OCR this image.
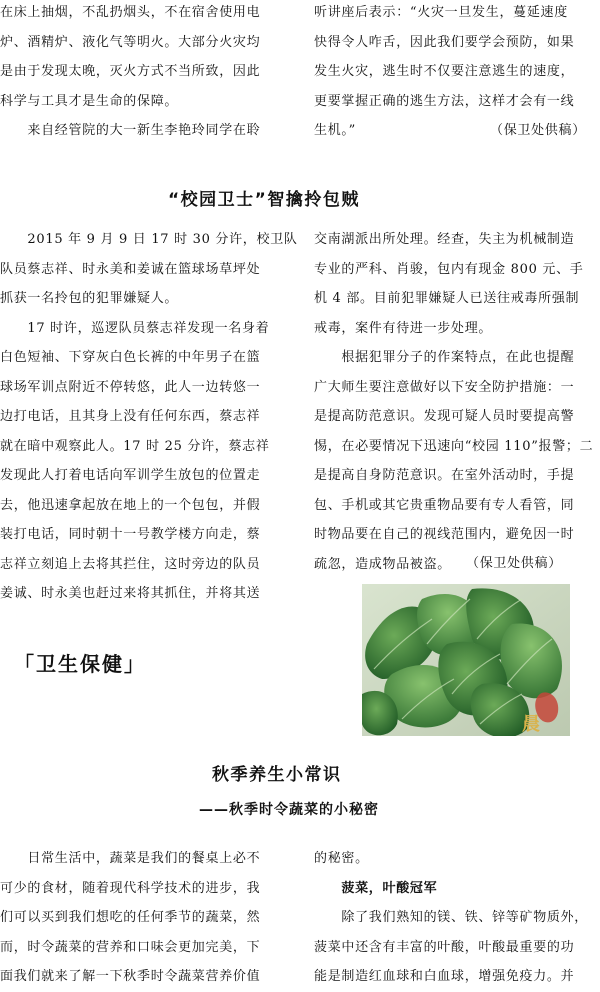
在床上抽烟，不乱扔烟头，不在宿舍使用电
炉、酒精炉、液化气等明火。大部分火灾均
是由于发现太晚，灭火方式不当所致，因此
科学与工具才是生命的保障。
　　来自经管院的大一新生李艳玲同学在聆
听讲座后表示：“火灾一旦发生，蔓延速度
快得令人咋舌，因此我们要学会预防，如果
发生火灾，逃生时不仅要注意逃生的速度，
更要掌握正确的逃生方法，这样才会有一线
生机。”	（保卫处供稿）
“校园卫士”智擒拎包贼
　　2015 年 9 月 9 日 17 时 30 分许，校卫队
队员蔡志祥、时永美和姜诚在篮球场草坪处
抓获一名拎包的犯罪嫌疑人。
　　17 时许，巡逻队员蔡志祥发现一名身着
白色短袖、下穿灰白色长裤的中年男子在篮
球场军训点附近不停转悠，此人一边转悠一
边打电话，且其身上没有任何东西，蔡志祥
就在暗中观察此人。17 时 25 分许，蔡志祥
发现此人打着电话向军训学生放包的位置走
去，他迅速拿起放在地上的一个包包，并假
装打电话，同时朝十一号教学楼方向走，蔡
志祥立刻追上去将其拦住，这时旁边的队员
姜诚、时永美也赶过来将其抓住，并将其送
交南湖派出所处理。经查，失主为机械制造
专业的严科、肖骏，包内有现金 800 元、手
机 4 部。目前犯罪嫌疑人已送往戒毒所强制
戒毒，案件有待进一步处理。
　　根据犯罪分子的作案特点，在此也提醒
广大师生要注意做好以下安全防护措施：一
是提高防范意识。发现可疑人员时要提高警
惕，在必要情况下迅速向“校园 110”报警；二
是提高自身防范意识。在室外活动时，手提
包、手机或其它贵重物品要有专人看管，同
时物品要在自己的视线范围内，避免因一时
疏忽，造成物品被盗。	（保卫处供稿）
「卫生保健」
晨
秋季养生小常识
——秋季时令蔬菜的小秘密
　　日常生活中，蔬菜是我们的餐桌上必不
可少的食材，随着现代科学技术的进步，我
们可以买到我们想吃的任何季节的蔬菜，然
而，时令蔬菜的营养和口味会更加完美，下
面我们就来了解一下秋季时令蔬菜营养价值
的秘密。
　　菠菜，叶酸冠军
　　除了我们熟知的镁、铁、锌等矿物质外，
菠菜中还含有丰富的叶酸，叶酸最重要的功
能是制造红血球和白血球，增强免疫力。并
